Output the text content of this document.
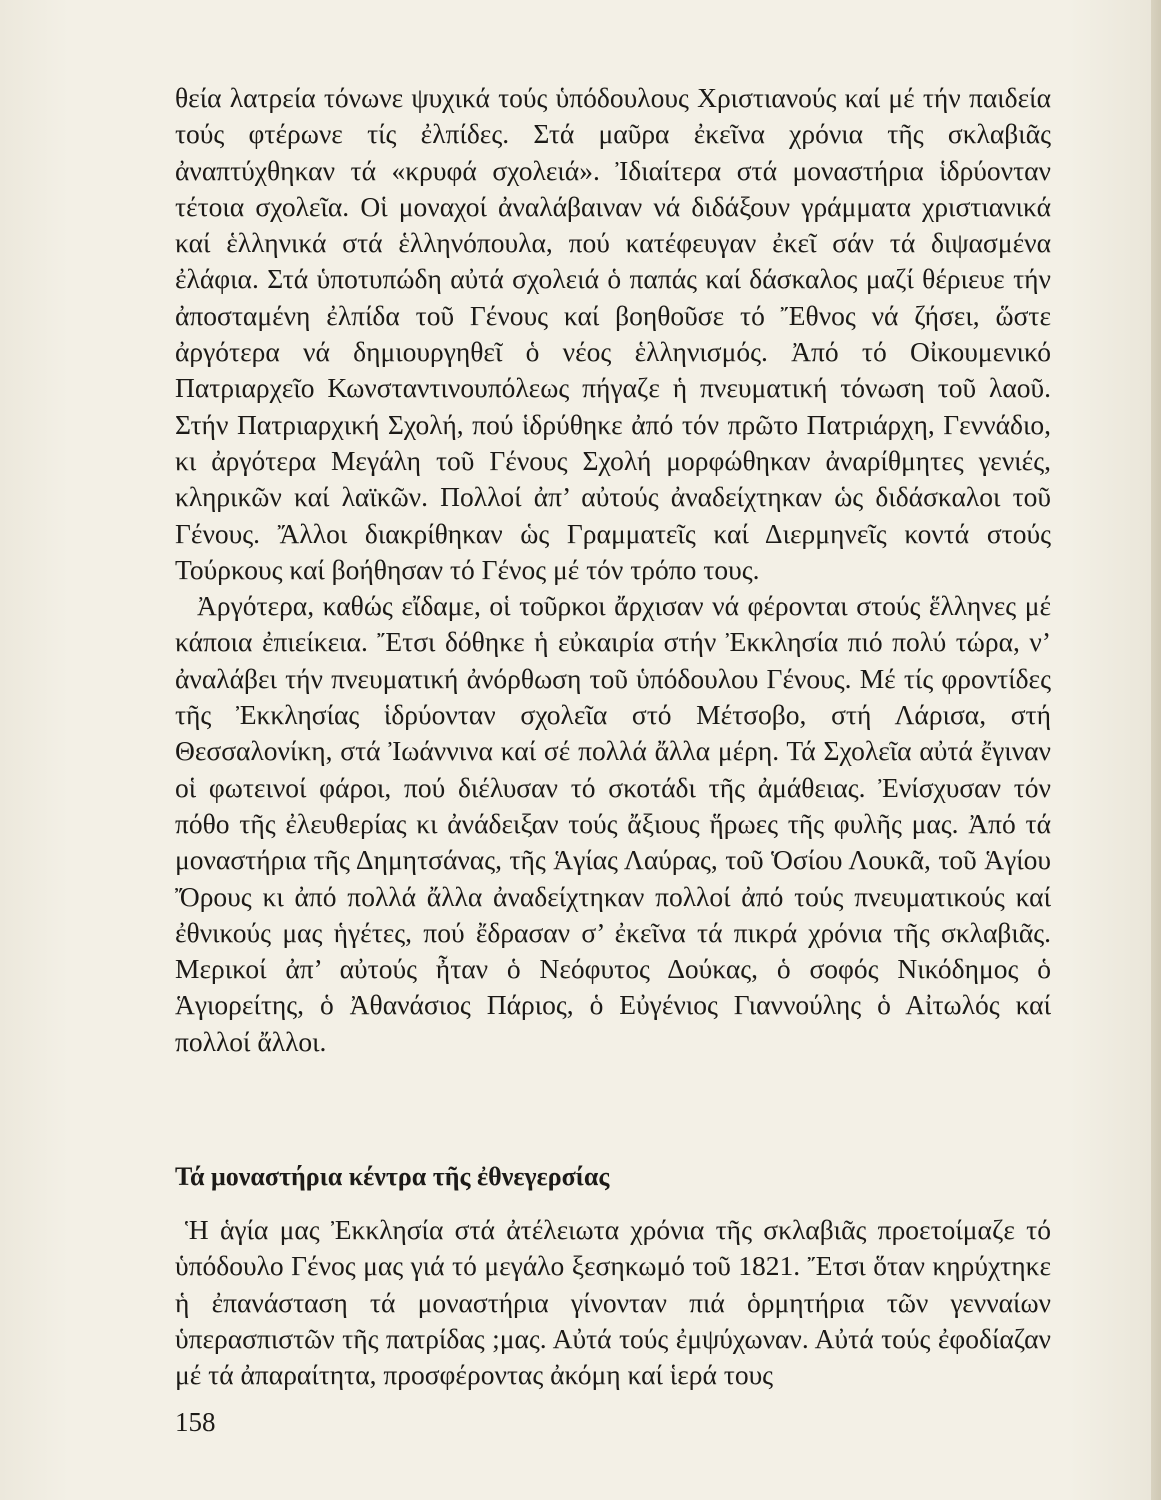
θεία λατρεία τόνωνε ψυχικά τούς ὑπόδουλους Χριστιανούς καί μέ τήν παιδεία τούς φτέρωνε τίς ἐλπίδες. Στά μαῦρα ἐκεῖνα χρόνια τῆς σκλαβιᾶς ἀναπτύχθηκαν τά «κρυφά σχολειά». Ἰδιαίτερα στά μοναστήρια ἱδρύονταν τέτοια σχολεῖα. Οἱ μοναχοί ἀναλάβαιναν νά διδάξουν γράμματα χριστιανικά καί ἑλληνικά στά ἑλληνόπουλα, πού κατέφευγαν ἐκεῖ σάν τά διψασμένα ἐλάφια. Στά ὑποτυπώδη αὐτά σχολειά ὁ παπάς καί δάσκαλος μαζί θέριευε τήν ἀποσταμένη ἐλπίδα τοῦ Γένους καί βοηθοῦσε τό Ἔθνος νά ζήσει, ὥστε ἀργότερα νά δημιουργηθεῖ ὁ νέος ἑλληνισμός. Ἀπό τό Οἰκουμενικό Πατριαρχεῖο Κωνσταντινουπόλεως πήγαζε ἡ πνευματική τόνωση τοῦ λαοῦ. Στήν Πατριαρχική Σχολή, πού ἱδρύθηκε ἀπό τόν πρῶτο Πατριάρχη, Γεννάδιο, κι ἀργότερα Μεγάλη τοῦ Γένους Σχολή μορφώθηκαν ἀναρίθμητες γενιές, κληρικῶν καί λαϊκῶν. Πολλοί ἀπ’ αὐτούς ἀναδείχτηκαν ὡς διδάσκαλοι τοῦ Γένους. Ἄλλοι διακρίθηκαν ὡς Γραμματεῖς καί Διερμηνεῖς κοντά στούς Τούρκους καί βοήθησαν τό Γένος μέ τόν τρόπο τους.

Ἀργότερα, καθώς εἴδαμε, οἱ τοῦρκοι ἄρχισαν νά φέρονται στούς ἕλληνες μέ κάποια ἐπιείκεια. Ἔτσι δόθηκε ἡ εὐκαιρία στήν Ἐκκλησία πιό πολύ τώρα, ν’ ἀναλάβει τήν πνευματική ἀνόρθωση τοῦ ὑπόδουλου Γένους. Μέ τίς φροντίδες τῆς Ἐκκλησίας ἱδρύονταν σχολεῖα στό Μέτσοβο, στή Λάρισα, στή Θεσσαλονίκη, στά Ἰωάννινα καί σέ πολλά ἄλλα μέρη. Τά Σχολεῖα αὐτά ἔγιναν οἱ φωτεινοί φάροι, πού διέλυσαν τό σκοτάδι τῆς ἀμάθειας. Ἐνίσχυσαν τόν πόθο τῆς ἐλευθερίας κι ἀνάδειξαν τούς ἄξιους ἥρωες τῆς φυλῆς μας. Ἀπό τά μοναστήρια τῆς Δημητσάνας, τῆς Ἁγίας Λαύρας, τοῦ Ὁσίου Λουκᾶ, τοῦ Ἁγίου Ὄρους κι ἀπό πολλά ἄλλα ἀναδείχτηκαν πολλοί ἀπό τούς πνευματικούς καί ἐθνικούς μας ἡγέτες, πού ἔδρασαν σ’ ἐκεῖνα τά πικρά χρόνια τῆς σκλαβιᾶς. Μερικοί ἀπ’ αὐτούς ἦταν ὁ Νεόφυτος Δούκας, ὁ σοφός Νικόδημος ὁ Ἁγιορείτης, ὁ Ἀθανάσιος Πάριος, ὁ Εὐγένιος Γιαννούλης ὁ Αἰτωλός καί πολλοί ἄλλοι.

Τά μοναστήρια κέντρα τῆς ἐθνεγερσίας

Ἡ ἁγία μας Ἐκκλησία στά ἀτέλειωτα χρόνια τῆς σκλαβιᾶς προετοίμαζε τό ὑπόδουλο Γένος μας γιά τό μεγάλο ξεσηκωμό τοῦ 1821. Ἔτσι ὅταν κηρύχτηκε ἡ ἐπανάσταση τά μοναστήρια γίνονταν πιά ὁρμητήρια τῶν γενναίων ὑπερασπιστῶν τῆς πατρίδας ;μας. Αὐτά τούς ἐμψύχωναν. Αὐτά τούς ἐφοδίαζαν μέ τά ἀπαραίτητα, προσφέροντας ἀκόμη καί ἱερά τους

158
